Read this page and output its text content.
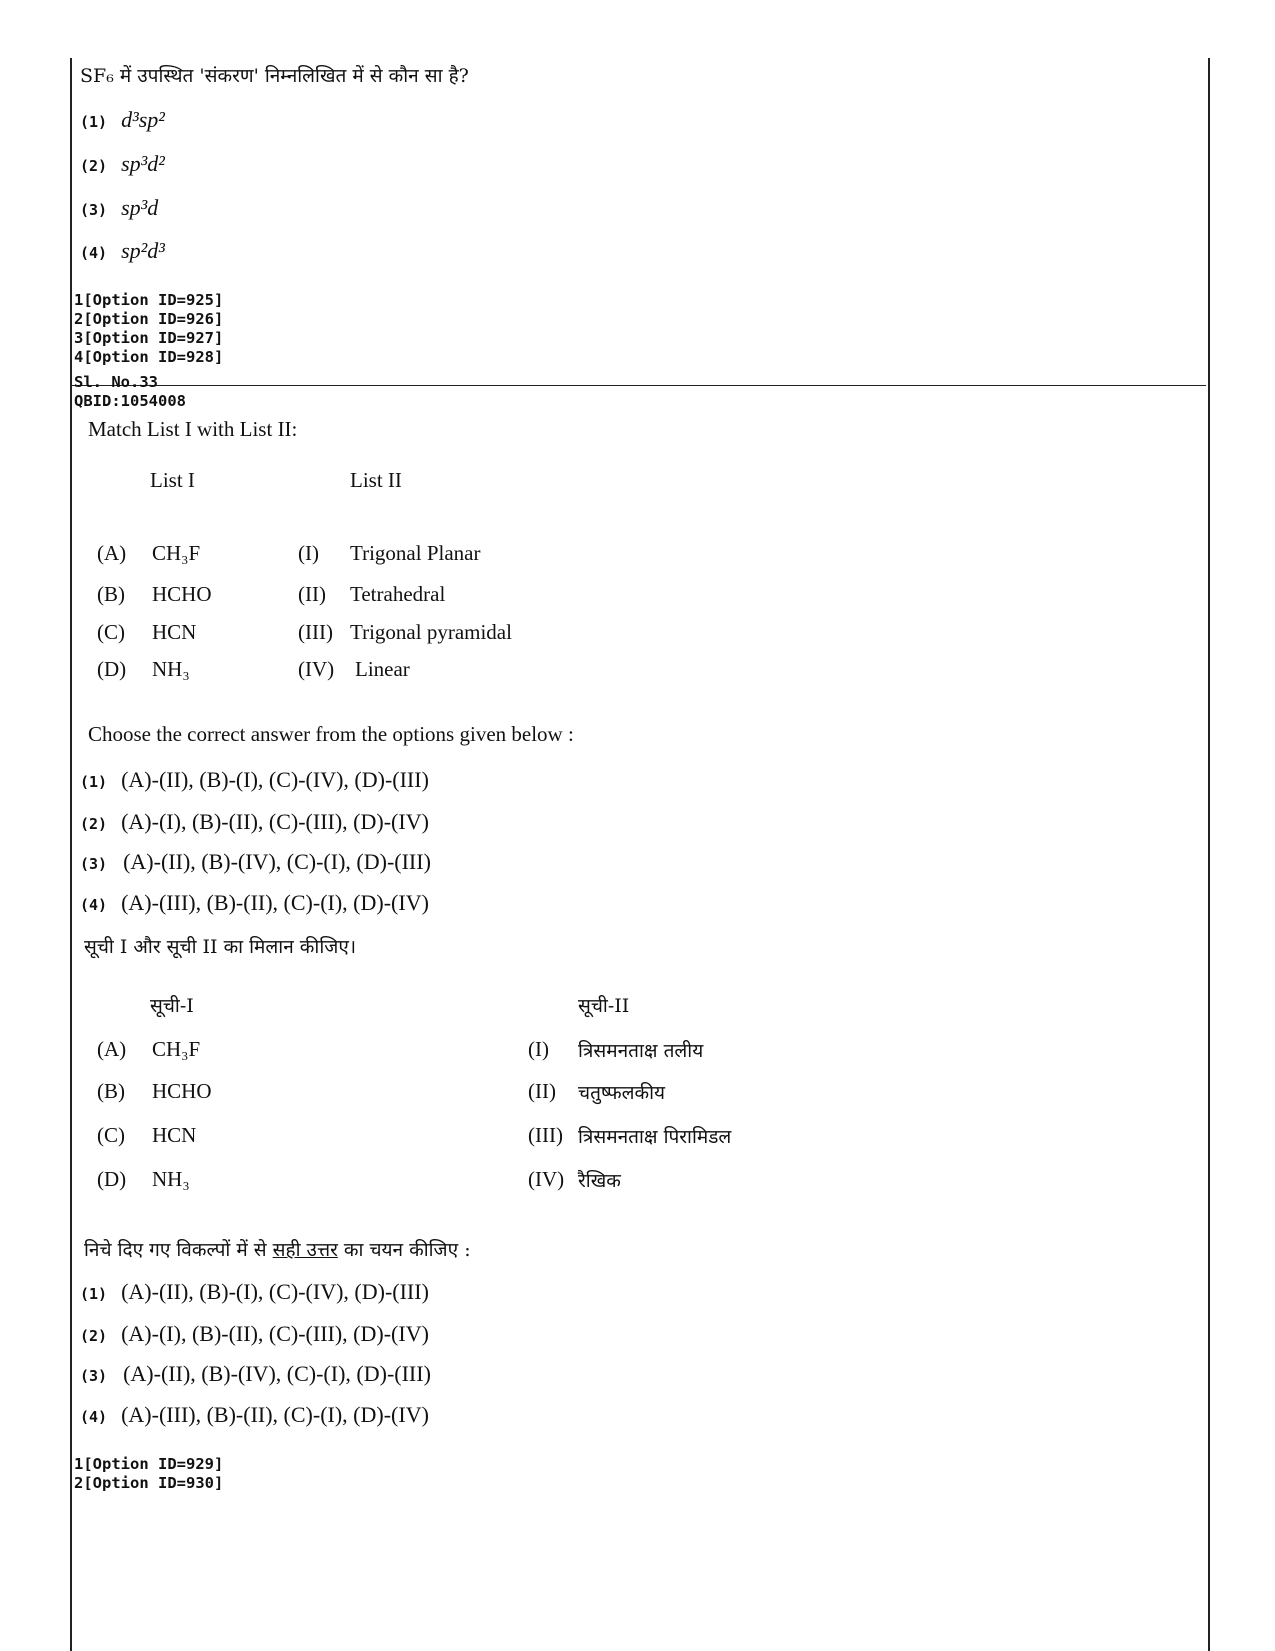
SF₆ में उपस्थित 'संकरण' निम्नलिखित में से कौन सा है?
(1) d³sp²
(2) sp³d²
(3) sp³d
(4) sp²d³
1[Option ID=925]
2[Option ID=926]
3[Option ID=927]
4[Option ID=928]
Sl. No.33
QBID:1054008
Match List I with List II:
List I	List II
(A) CH₃F	(I) Trigonal Planar
(B) HCHO	(II) Tetrahedral
(C) HCN	(III) Trigonal pyramidal
(D) NH₃	(IV) Linear
Choose the correct answer from the options given below :
(1) (A)-(II), (B)-(I), (C)-(IV), (D)-(III)
(2) (A)-(I), (B)-(II), (C)-(III), (D)-(IV)
(3) (A)-(II), (B)-(IV), (C)-(I), (D)-(III)
(4) (A)-(III), (B)-(II), (C)-(I), (D)-(IV)
सूची I और सूची II का मिलान कीजिए।
सूची-I	सूची-II
(A) CH₃F	(I) त्रिसमनताक्ष तलीय
(B) HCHO	(II) चतुष्फलकीय
(C) HCN	(III) त्रिसमनताक्ष पिरामिडल
(D) NH₃	(IV) रैखिक
निचे दिए गए विकल्पों में से सही उत्तर का चयन कीजिए :
(1) (A)-(II), (B)-(I), (C)-(IV), (D)-(III)
(2) (A)-(I), (B)-(II), (C)-(III), (D)-(IV)
(3) (A)-(II), (B)-(IV), (C)-(I), (D)-(III)
(4) (A)-(III), (B)-(II), (C)-(I), (D)-(IV)
1[Option ID=929]
2[Option ID=930]
